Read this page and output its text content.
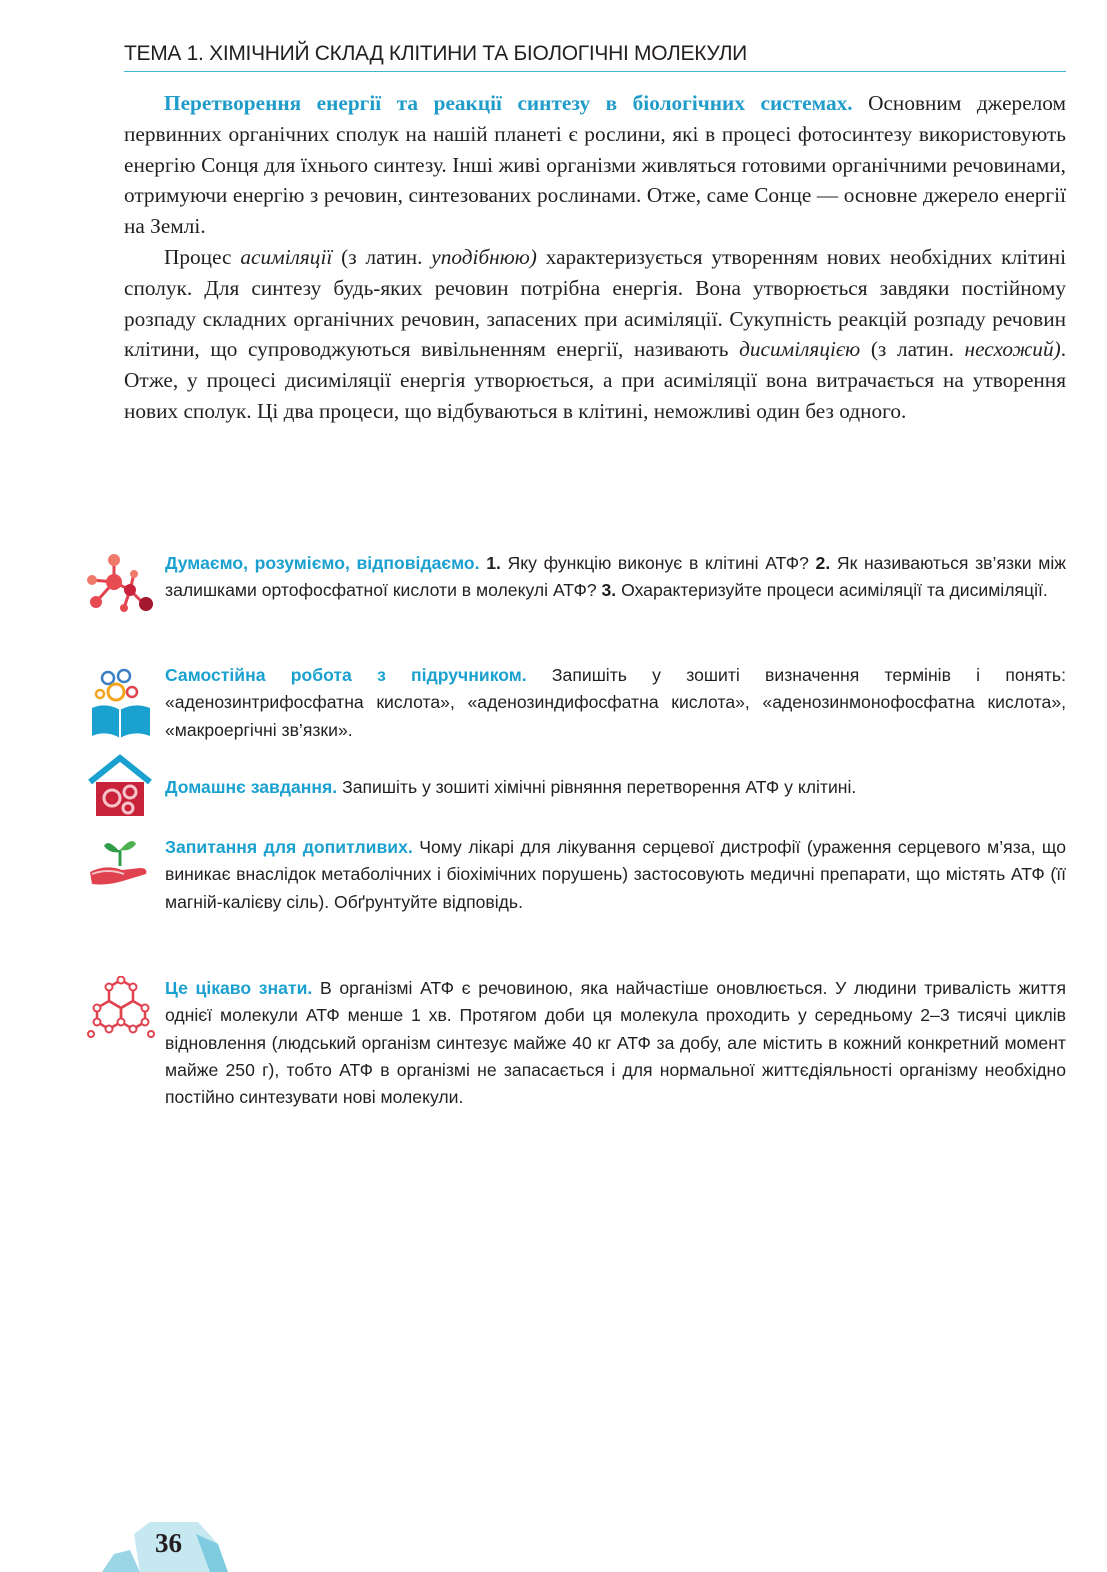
ТЕМА 1. ХІМІЧНИЙ СКЛАД КЛІТИНИ ТА БІОЛОГІЧНІ МОЛЕКУЛИ

Перетворення енергії та реакції синтезу в біологічних системах. Основним джерелом первинних органічних сполук на нашій планеті є рослини, які в процесі фотосинтезу використовують енергію Сонця для їхнього синтезу. Інші живі організми живляться готовими органічними речовинами, отримуючи енергію з речовин, синтезованих рослинами. Отже, саме Сонце — основне джерело енергії на Землі.

Процес асиміляції (з латин. уподібнюю) характеризується утворенням нових необхідних клітині сполук. Для синтезу будь-яких речовин потрібна енергія. Вона утворюється завдяки постійному розпаду складних органічних речовин, запасених при асиміляції. Сукупність реакцій розпаду речовин клітини, що супроводжуються вивільненням енергії, називають дисиміляцією (з латин. несхожий). Отже, у процесі дисиміляції енергія утворюється, а при асиміляції вона витрачається на утворення нових сполук. Ці два процеси, що відбуваються в клітині, неможливі один без одного.

Думаємо, розуміємо, відповідаємо. 1. Яку функцію виконує в клітині АТФ? 2. Як називаються зв’язки між залишками ортофосфатної кислоти в молекулі АТФ? 3. Охарактеризуйте процеси асиміляції та дисиміляції.
Самостійна робота з підручником. Запишіть у зошиті визначення термінів і понять: «аденозинтрифосфатна кислота», «аденозиндифосфатна кислота», «аденозинмонофосфатна кислота», «макроергічні зв’язки».
Домашнє завдання. Запишіть у зошиті хімічні рівняння перетворення АТФ у клітині.
Запитання для допитливих. Чому лікарі для лікування серцевої дистрофії (ураження серцевого м’яза, що виникає внаслідок метаболічних і біохімічних порушень) застосовують медичні препарати, що містять АТФ (її магній-калієву сіль). Обґрунтуйте відповідь.
Це цікаво знати. В організмі АТФ є речовиною, яка найчастіше оновлюється. У людини тривалість життя однієї молекули АТФ менше 1 хв. Протягом доби ця молекула проходить у середньому 2–3 тисячі циклів відновлення (людський організм синтезує майже 40 кг АТФ за добу, але містить в кожний конкретний момент майже 250 г), тобто АТФ в організмі не запасається і для нормальної життєдіяльності організму необхідно постійно синтезувати нові молекули.
36
